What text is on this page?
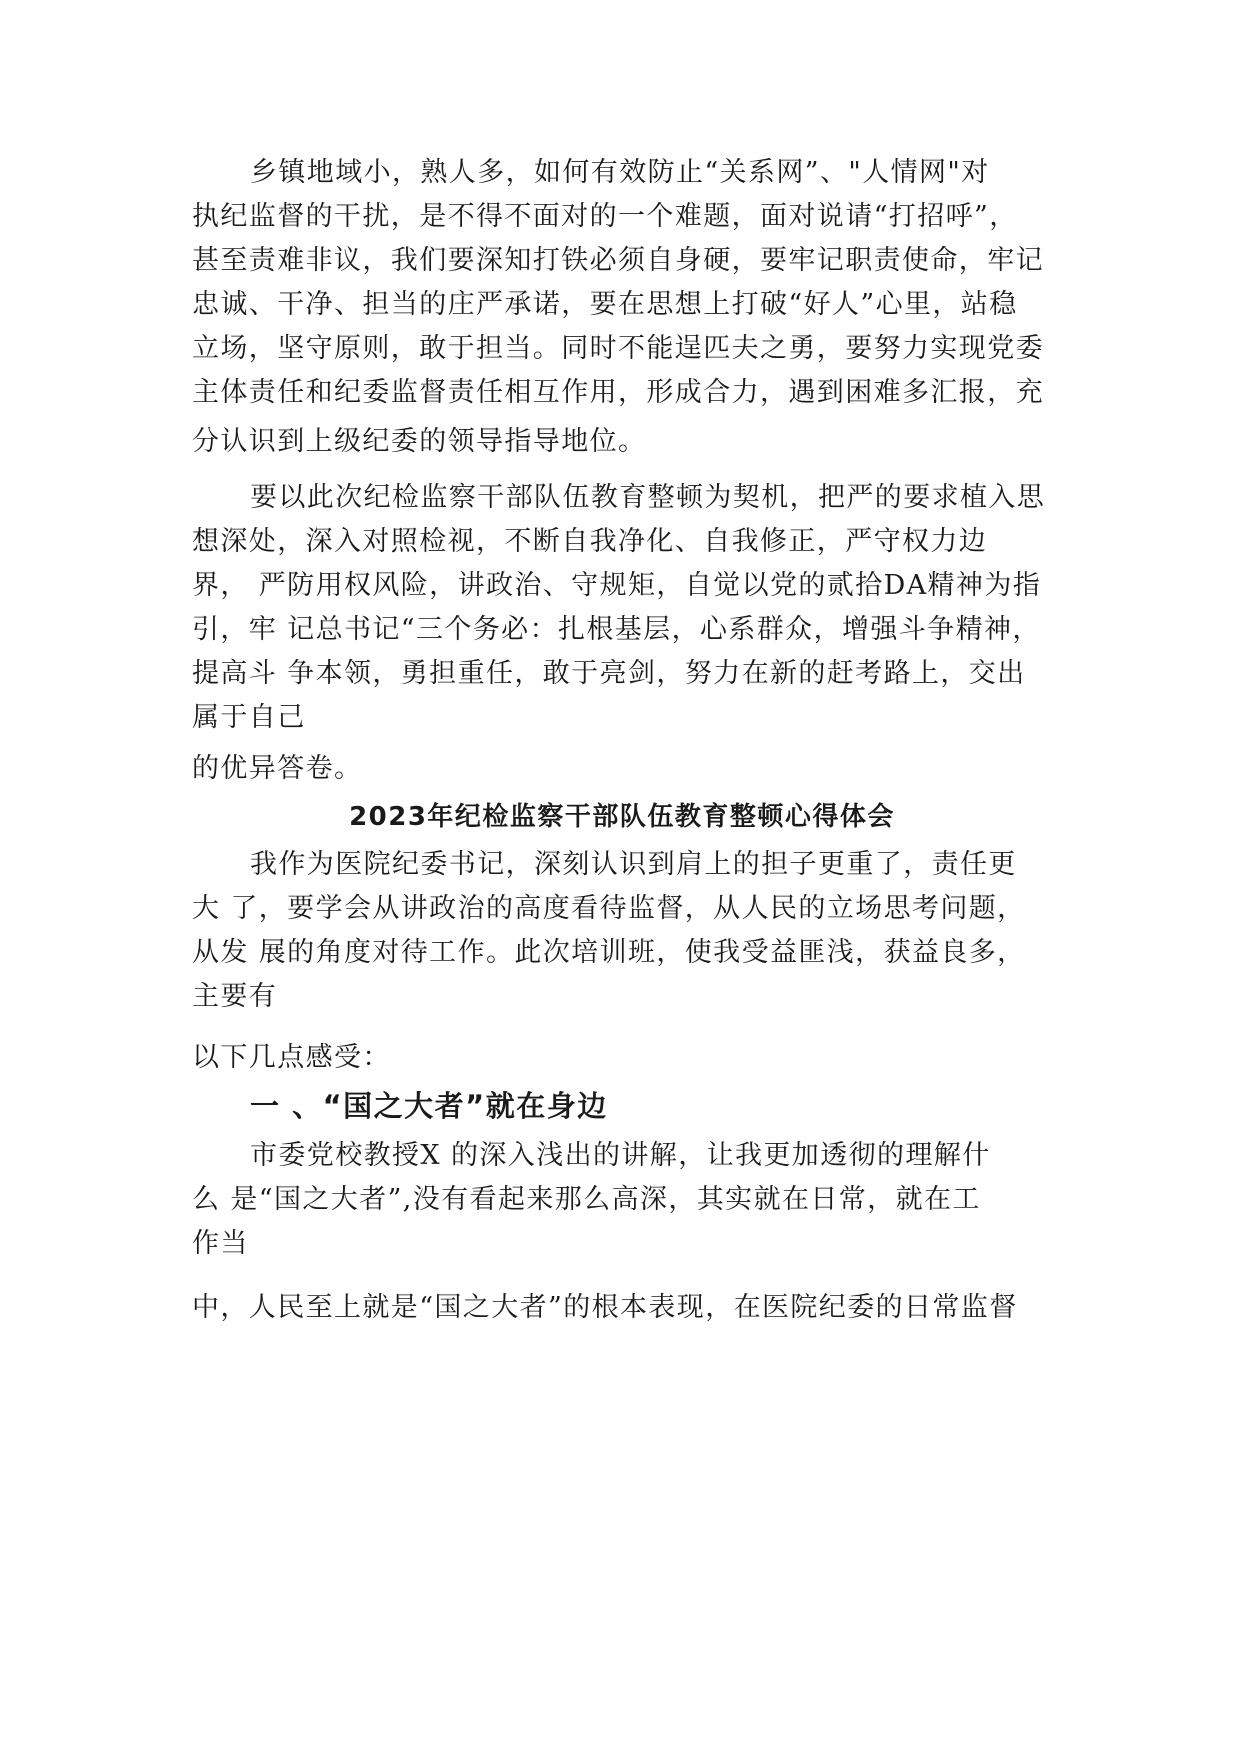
乡镇地域小，熟人多，如何有效防止“关系网”、"人情网"对
执纪监督的干扰，是不得不面对的一个难题，面对说请“打招呼”，
甚至责难非议，我们要深知打铁必须自身硬，要牢记职责使命，牢记
忠诚、干净、担当的庄严承诺，要在思想上打破“好人”心里，站稳
立场，坚守原则，敢于担当。同时不能逞匹夫之勇，要努力实现党委
主体责任和纪委监督责任相互作用，形成合力，遇到困难多汇报，充
分认识到上级纪委的领导指导地位。
要以此次纪检监察干部队伍教育整顿为契机，把严的要求植入思
想深处，深入对照检视，不断自我净化、自我修正，严守权力边
界， 严防用权风险，讲政治、守规矩，自觉以党的贰拾DA精神为指
引，牢 记总书记“三个务必：扎根基层，心系群众，增强斗争精神，
提高斗 争本领，勇担重任，敢于亮剑，努力在新的赶考路上，交出
属于自己
的优异答卷。
2023年纪检监察干部队伍教育整顿心得体会
我作为医院纪委书记，深刻认识到肩上的担子更重了，责任更
大 了，要学会从讲政治的高度看待监督，从人民的立场思考问题，
从发 展的角度对待工作。此次培训班，使我受益匪浅，获益良多，
主要有
以下几点感受：
一 、“国之大者”就在身边
市委党校教授X 的深入浅出的讲解，让我更加透彻的理解什
么 是“国之大者”,没有看起来那么高深，其实就在日常，就在工
作当
中，人民至上就是“国之大者”的根本表现，在医院纪委的日常监督
